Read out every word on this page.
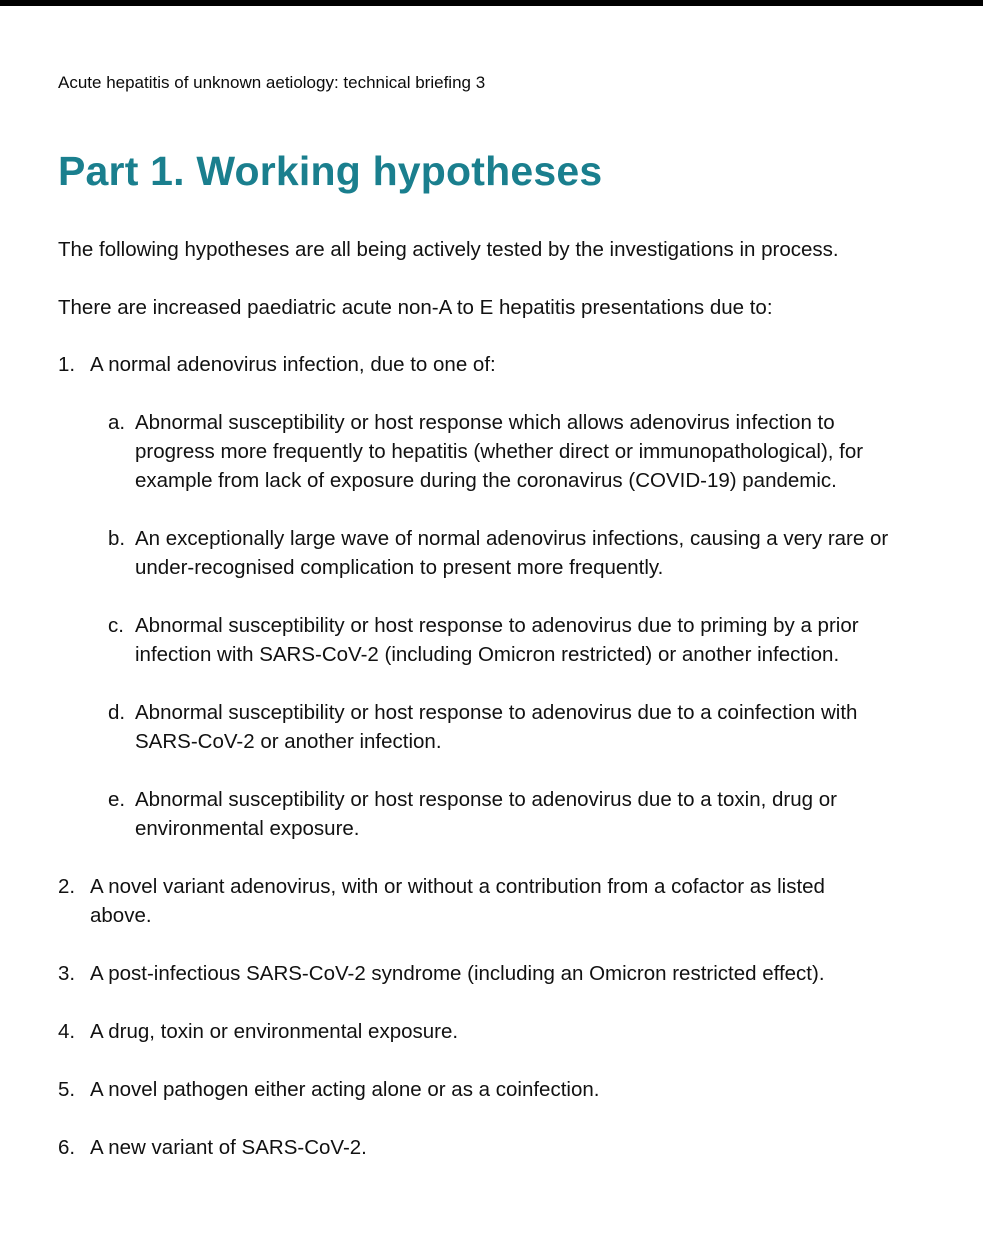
Acute hepatitis of unknown aetiology: technical briefing 3
Part 1. Working hypotheses

The following hypotheses are all being actively tested by the investigations in process.

There are increased paediatric acute non-A to E hepatitis presentations due to:

1. A normal adenovirus infection, due to one of:
a. Abnormal susceptibility or host response which allows adenovirus infection to progress more frequently to hepatitis (whether direct or immunopathological), for example from lack of exposure during the coronavirus (COVID-19) pandemic.
b. An exceptionally large wave of normal adenovirus infections, causing a very rare or under-recognised complication to present more frequently.
c. Abnormal susceptibility or host response to adenovirus due to priming by a prior infection with SARS-CoV-2 (including Omicron restricted) or another infection.
d. Abnormal susceptibility or host response to adenovirus due to a coinfection with SARS-CoV-2 or another infection.
e. Abnormal susceptibility or host response to adenovirus due to a toxin, drug or environmental exposure.
2. A novel variant adenovirus, with or without a contribution from a cofactor as listed above.
3. A post-infectious SARS-CoV-2 syndrome (including an Omicron restricted effect).
4. A drug, toxin or environmental exposure.
5. A novel pathogen either acting alone or as a coinfection.
6. A new variant of SARS-CoV-2.
